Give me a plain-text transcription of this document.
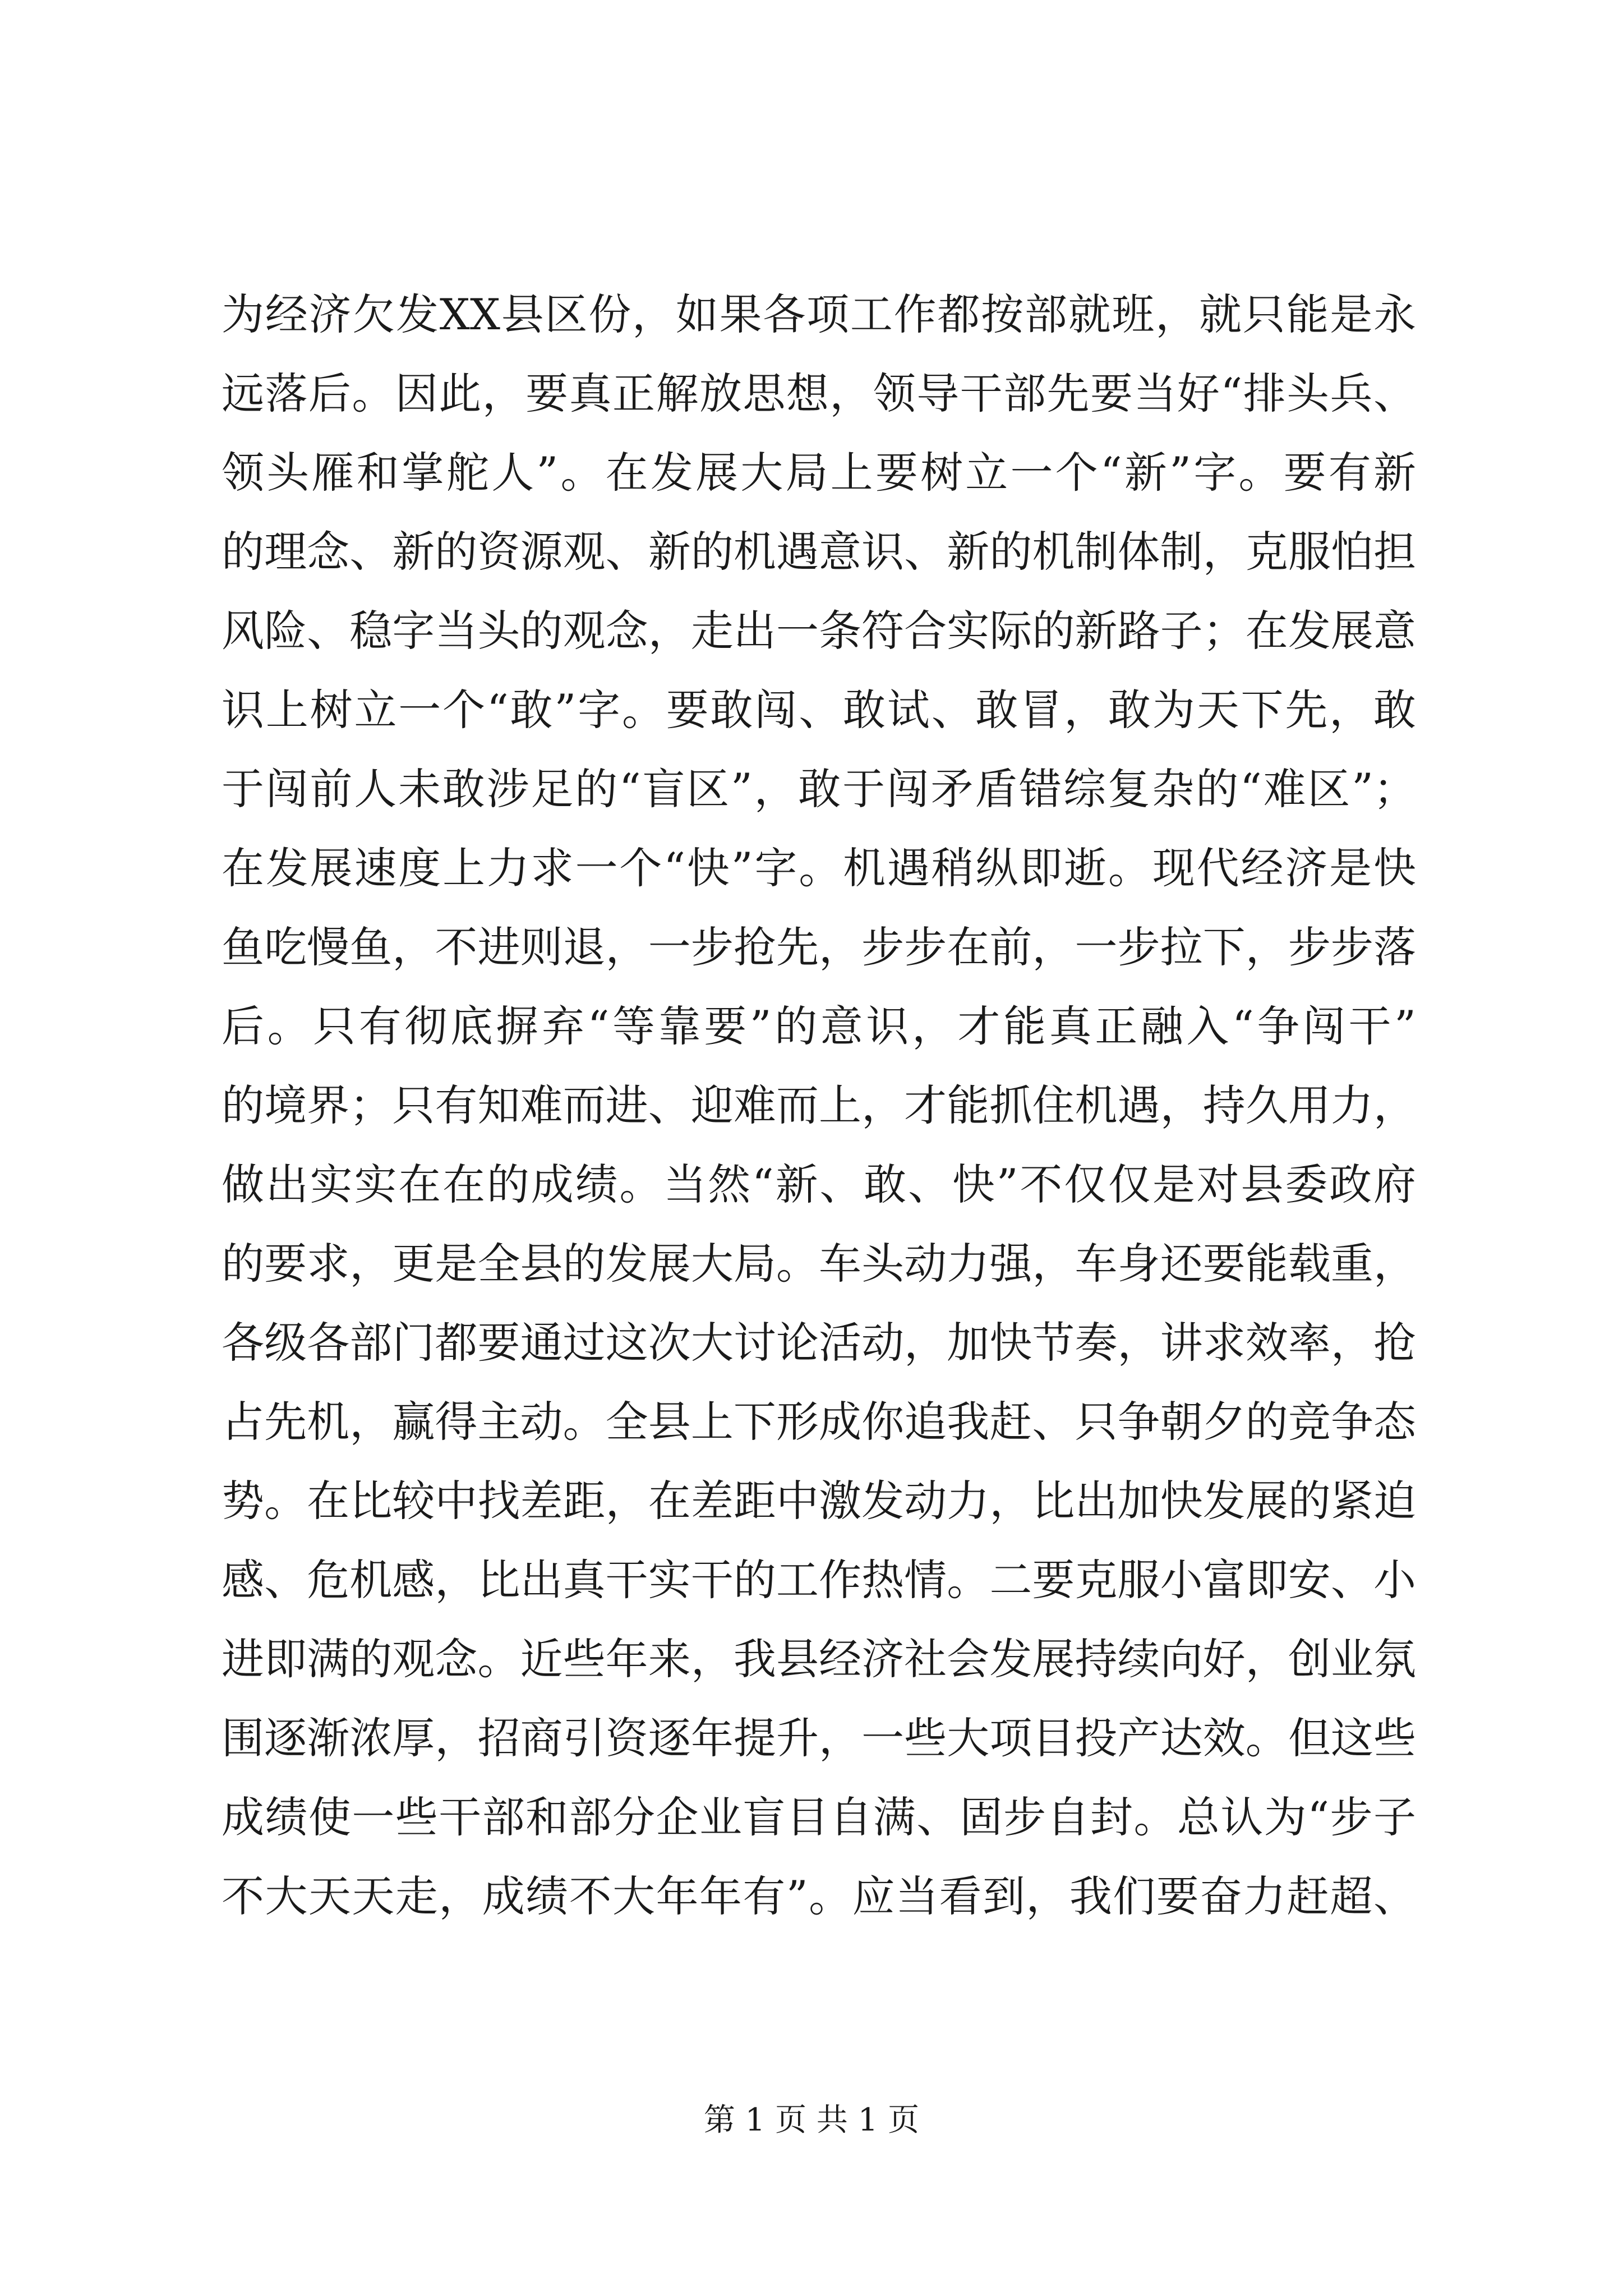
为经济欠发XX县区份，如果各项工作都按部就班，就只能是永
远落后。因此，要真正解放思想，领导干部先要当好“排头兵、
领头雁和掌舵人”。在发展大局上要树立一个“新”字。要有新
的理念、新的资源观、新的机遇意识、新的机制体制，克服怕担
风险、稳字当头的观念，走出一条符合实际的新路子；在发展意
识上树立一个“敢”字。要敢闯、敢试、敢冒，敢为天下先，敢
于闯前人未敢涉足的“盲区”，敢于闯矛盾错综复杂的“难区”；
在发展速度上力求一个“快”字。机遇稍纵即逝。现代经济是快
鱼吃慢鱼，不进则退，一步抢先，步步在前，一步拉下，步步落
后。只有彻底摒弃“等靠要”的意识，才能真正融入“争闯干”
的境界；只有知难而进、迎难而上，才能抓住机遇，持久用力，
做出实实在在的成绩。当然“新、敢、快”不仅仅是对县委政府
的要求，更是全县的发展大局。车头动力强，车身还要能载重，
各级各部门都要通过这次大讨论活动，加快节奏，讲求效率，抢
占先机，赢得主动。全县上下形成你追我赶、只争朝夕的竞争态
势。在比较中找差距，在差距中激发动力，比出加快发展的紧迫
感、危机感，比出真干实干的工作热情。二要克服小富即安、小
进即满的观念。近些年来，我县经济社会发展持续向好，创业氛
围逐渐浓厚，招商引资逐年提升，一些大项目投产达效。但这些
成绩使一些干部和部分企业盲目自满、固步自封。总认为“步子
不大天天走，成绩不大年年有”。应当看到，我们要奋力赶超、
第 1 页 共 1 页
